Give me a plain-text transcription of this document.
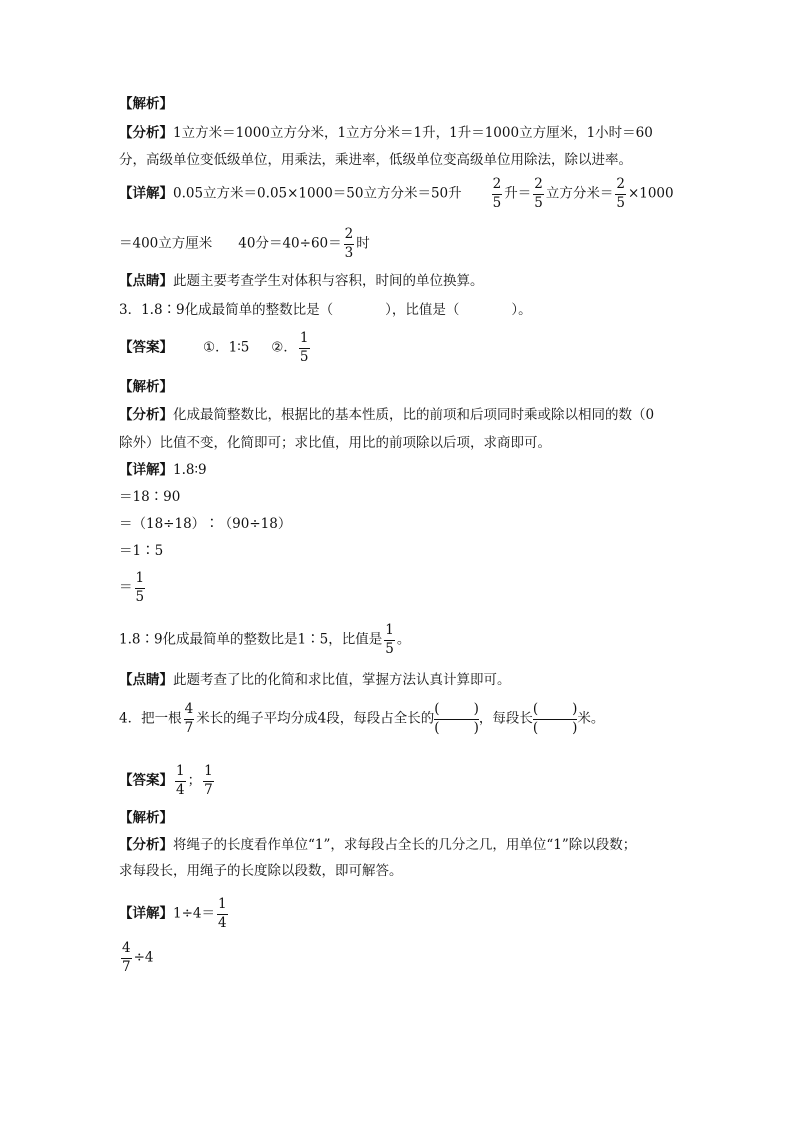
【解析】
【分析】1立方米＝1000立方分米，1立方分米＝1升，1升＝1000立方厘米，1小时＝60
分，高级单位变低级单位，用乘法，乘进率，低级单位变高级单位用除法，除以进率。
【详解】0.05立方米＝0.05×1000＝50立方分米＝50升 $\frac{2}{5}$ 升＝ $\frac{2}{5}$ 立方分米＝ $\frac{2}{5} \times 1000$
＝400立方厘米 40分$=40\div 60= \frac{2}{3}$ 时
【点睛】此题主要考查学生对体积与容积，时间的单位换算。
3．1.8∶9化成最简单的整数比是（	），比值是（	）。
【答案】 ①．1∶5 ②． $\frac{1}{5}$
【解析】
【分析】化成最简整数比，根据比的基本性质，比的前项和后项同时乘或除以相同的数（0
除外）比值不变，化简即可；求比值，用比的前项除以后项，求商即可。
【详解】1.8∶9
＝18∶90
＝（18÷18）∶（90÷18）
＝1∶5
＝ $\frac{1}{5}$
1.8∶9化成最简单的整数比是1∶5，比值是 $\frac{1}{5}$ 。
【点睛】此题考查了比的化简和求比值，掌握方法认真计算即可。
4．把一根 $\frac{4}{7}$ 米长的绳子平均分成4段，每段占全长的 (	)
(	) ，每段长 (	)
(	) 米。
【答案】 $\frac{1}{4}$ ； $\frac{1}{7}$
【解析】
【分析】将绳子的长度看作单位“1”，求每段占全长的几分之几，用单位“1”除以段数；
求每段长，用绳子的长度除以段数，即可解答。
【详解】$1\div 4= \frac{1}{4}$
$\frac{4}{7} \div 4$
